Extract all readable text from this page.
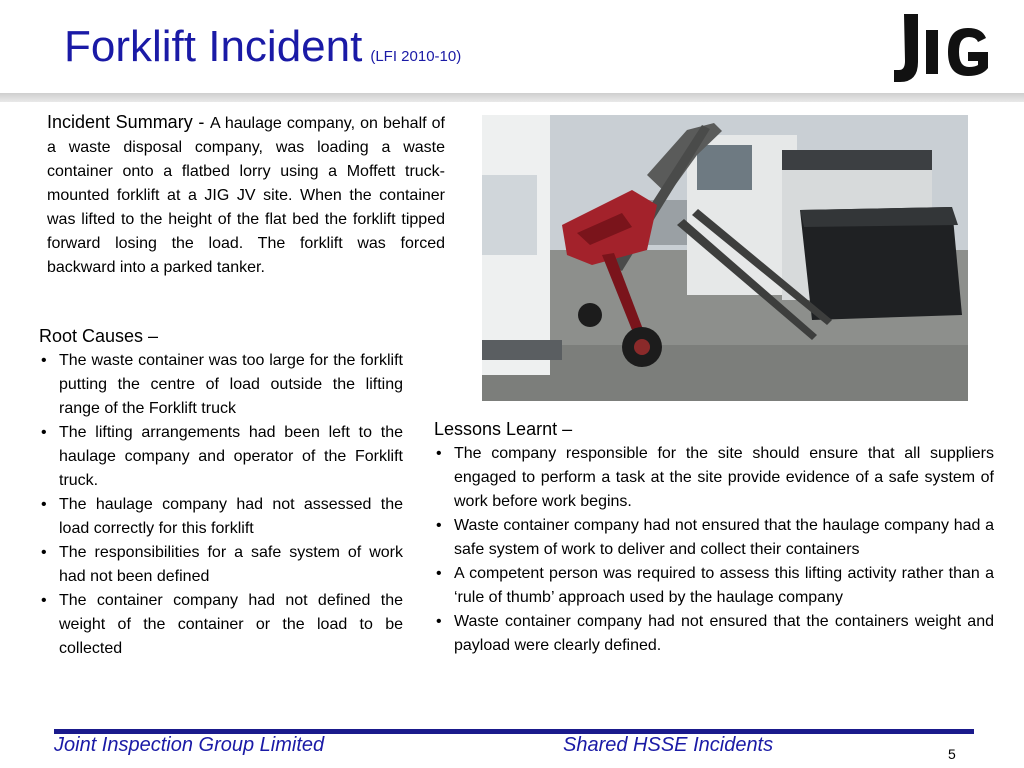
Forklift Incident (LFI 2010-10)
Incident Summary - A haulage company, on behalf of a waste disposal company, was loading a waste container onto a flatbed lorry using a Moffett truck-mounted forklift at a JIG JV site. When the container was lifted to the height of the flat bed the forklift tipped forward losing the load. The forklift was forced backward into a parked tanker.
Root Causes –
• The waste container was too large for the forklift putting the centre of load outside the lifting range of the Forklift truck
• The lifting arrangements had been left to the haulage company and operator of the Forklift truck.
• The haulage company had not assessed the load correctly for this forklift
• The responsibilities for a safe system of work had not been defined
• The container company had not defined the weight of the container or the load to be collected
Lessons Learnt –
• The company responsible for the site should ensure that all suppliers engaged to perform a task at the site provide evidence of a safe system of work before work begins.
• Waste container company had not ensured that the haulage company had a safe system of work to deliver and collect their containers
• A competent person was required to assess this lifting activity rather than a ‘rule of thumb’ approach used by the haulage company
• Waste container company had not ensured that the containers weight and payload were clearly defined.
Joint Inspection Group Limited	Shared HSSE Incidents	5
